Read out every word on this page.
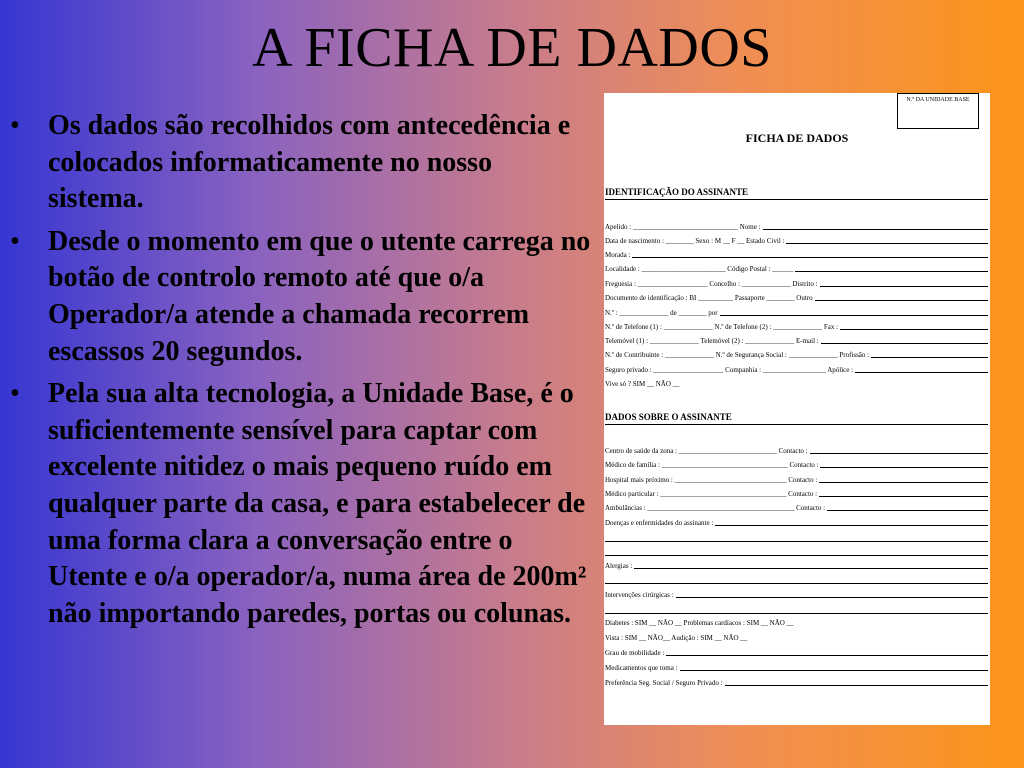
A FICHA DE DADOS
• Os dados são recolhidos com antecedência e colocados informaticamente no nosso sistema.
• Desde o momento em que o utente carrega no botão de controlo remoto até que o/a Operador/a atende a chamada recorrem escassos 20 segundos.
• Pela sua alta tecnologia, a Unidade Base, é o suficientemente sensível para captar com excelente nitidez o mais pequeno ruído em qualquer parte da casa, e para estabelecer de uma forma clara a conversação entre o Utente e o/a operador/a, numa área de 200m² não importando paredes, portas ou colunas.
N.º DA UNIDADE BASE
FICHA DE DADOS
IDENTIFICAÇÃO DO ASSINANTE
Apelido : ______________________________ Nome :
Data de nascimento : ________ Sexo : M __ F __ Estado Civil :
Morada :
Localidade : ________________________ Código Postal : ______
Freguesia : ____________________ Concelho : ______________ Distrito :
Documento de identificação : BI __________ Passaporte ________ Outro
N.º : ______________ de ________ por
N.º de Telefone (1) : ______________ N.º de Telefone (2) : ______________ Fax :
Telemóvel (1) : ______________ Telemóvel (2) : ______________ E-mail :
N.º de Contribuinte : ______________ N.º de Segurança Social : ______________ Profissão :
Seguro privado : ____________________ Companhia : __________________ Apólice :
Vive só ? SIM __ NÃO __
DADOS SOBRE O ASSINANTE
Centro de saúde da zona : ____________________________ Contacto :
Médico de família : ____________________________________ Contacto :
Hospital mais próximo : ________________________________ Contacto :
Médico particular : ____________________________________ Contacto :
Ambulâncias : __________________________________________ Contacto :
Doenças e enfermidades do assinante :
Alergias :
Intervenções cirúrgicas :
Diabetes : SIM __ NÃO __ Problemas cardíacos : SIM __ NÃO __
Vista : SIM __ NÃO__ Audição : SIM __ NÃO __
Grau de mobilidade :
Medicamentos que toma :
Preferência Seg. Social / Seguro Privado :
